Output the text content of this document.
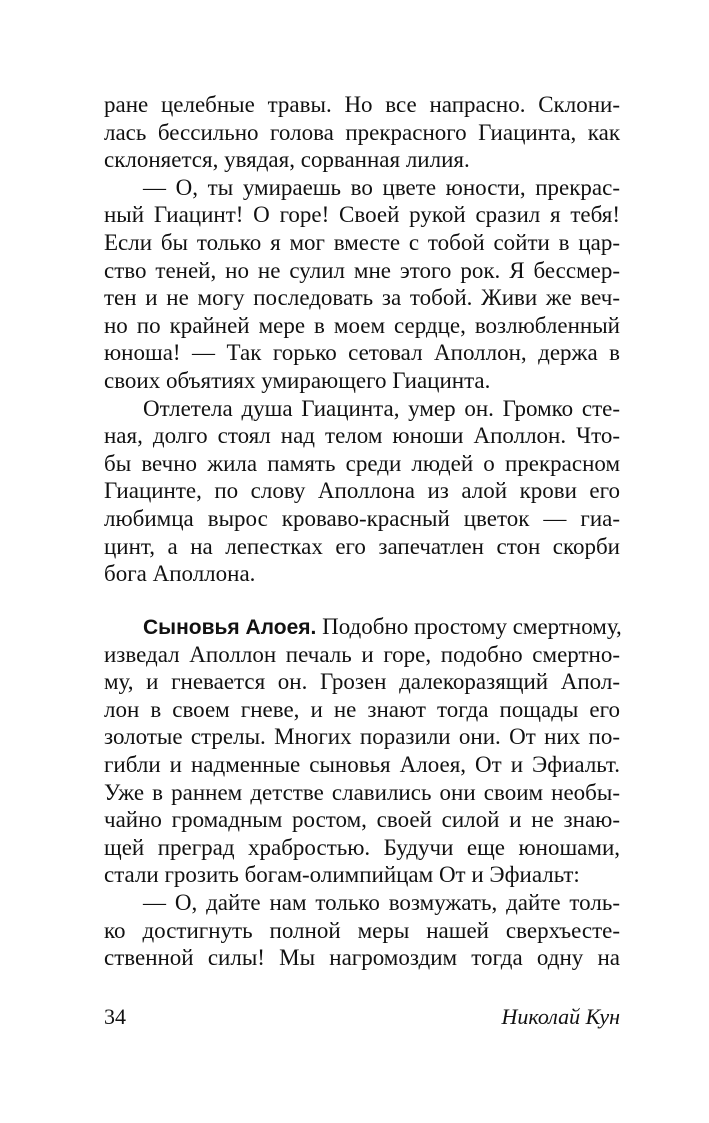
ране целебные травы. Но все напрасно. Склони-
лась бессильно голова прекрасного Гиацинта, как
склоняется, увядая, сорванная лилия.
— О, ты умираешь во цвете юности, прекрас-
ный Гиацинт! О горе! Своей рукой сразил я тебя!
Если бы только я мог вместе с тобой сойти в цар-
ство теней, но не сулил мне этого рок. Я бессмер-
тен и не могу последовать за тобой. Живи же веч-
но по крайней мере в моем сердце, возлюбленный
юноша! — Так горько сетовал Аполлон, держа в
своих объятиях умирающего Гиацинта.
Отлетела душа Гиацинта, умер он. Громко сте-
ная, долго стоял над телом юноши Аполлон. Что-
бы вечно жила память среди людей о прекрасном
Гиацинте, по слову Аполлона из алой крови его
любимца вырос кроваво-красный цветок — гиа-
цинт, а на лепестках его запечатлен стон скорби
бога Аполлона.
Сыновья Алоея. Подобно простому смертному,
изведал Аполлон печаль и горе, подобно смертно-
му, и гневается он. Грозен далекоразящий Апол-
лон в своем гневе, и не знают тогда пощады его
золотые стрелы. Многих поразили они. От них по-
гибли и надменные сыновья Алоея, От и Эфиальт.
Уже в раннем детстве славились они своим необы-
чайно громадным ростом, своей силой и не знаю-
щей преград храбростью. Будучи еще юношами,
стали грозить богам-олимпийцам От и Эфиальт:
— О, дайте нам только возмужать, дайте толь-
ко достигнуть полной меры нашей сверхъесте-
ственной силы! Мы нагромоздим тогда одну на
34	Николай Кун
